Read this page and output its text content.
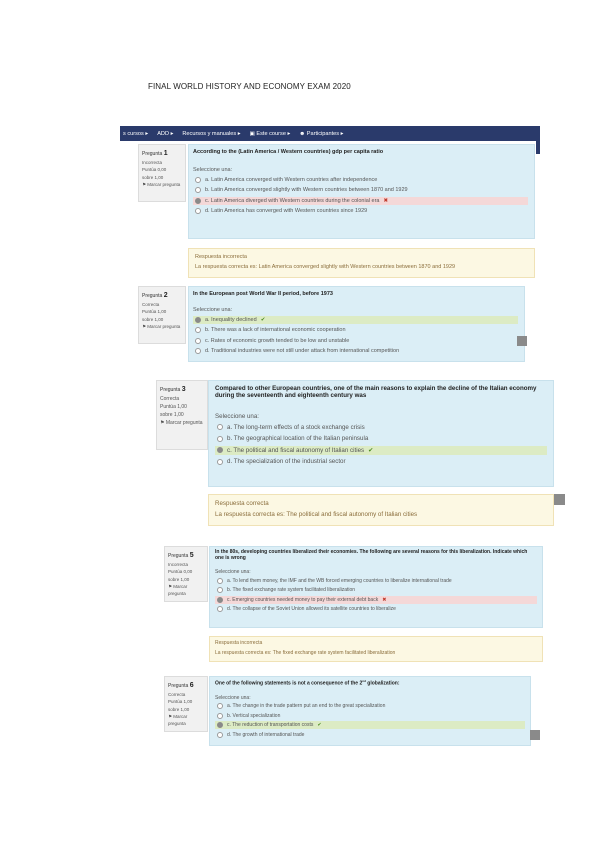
FINAL WORLD HISTORY AND ECONOMY EXAM 2020
s cursos ▸ ADD ▸ Recursos y manuales ▸ ▣ Este course ▸ ☻ Participantes ▸
Pregunta 1
Incorrecta
Puntúa 0,00
sobre 1,00
⚑ Marcar pregunta
According to the (Latin America / Western countries) gdp per capita ratio
Seleccione una:
a. Latin America converged with Western countries after independence
b. Latin America converged slightly with Western countries between 1870 and 1929
c. Latin America diverged with Western countries during the colonial era ✖
d. Latin America has converged with Western countries since 1929
Respuesta incorrecta
La respuesta correcta es: Latin America converged slightly with Western countries between 1870 and 1929
Pregunta 2
Correcta
Puntúa 1,00
sobre 1,00
⚑ Marcar pregunta
In the European post World War II period, before 1973
Seleccione una:
a. Inequality declined ✔
b. There was a lack of international economic cooperation
c. Rates of economic growth tended to be low and unstable
d. Traditional industries were not still under attack from international competition
Pregunta 3
Correcta
Puntúa 1,00
sobre 1,00
⚑ Marcar pregunta
Compared to other European countries, one of the main reasons to explain the decline of the Italian economy during the seventeenth and eighteenth century was
Seleccione una:
a. The long-term effects of a stock exchange crisis
b. The geographical location of the Italian peninsula
c. The political and fiscal autonomy of Italian cities ✔
d. The specialization of the industrial sector
Respuesta correcta
La respuesta correcta es: The political and fiscal autonomy of Italian cities
Pregunta 5
Incorrecta
Puntúa 0,00
sobre 1,00
⚑ Marcar pregunta
In the 80s, developing countries liberalized their economies. The following are several reasons for this liberalization. Indicate which one is wrong
Seleccione una:
a. To lend them money, the IMF and the WB forced emerging countries to liberalize international trade
b. The fixed exchange rate system facilitated liberalization
c. Emerging countries needed money to pay their external debt back ✖
d. The collapse of the Soviet Union allowed its satellite countries to liberalize
Respuesta incorrecta
La respuesta correcta es: The fixed exchange rate system facilitated liberalization
Pregunta 6
Correcta
Puntúa 1,00
sobre 1,00
⚑ Marcar pregunta
One of the following statements is not a consequence of the 2nd globalization:
Seleccione una:
a. The change in the trade pattern put an end to the great specialization
b. Vertical specialization
c. The reduction of transportation costs ✔
d. The growth of international trade
